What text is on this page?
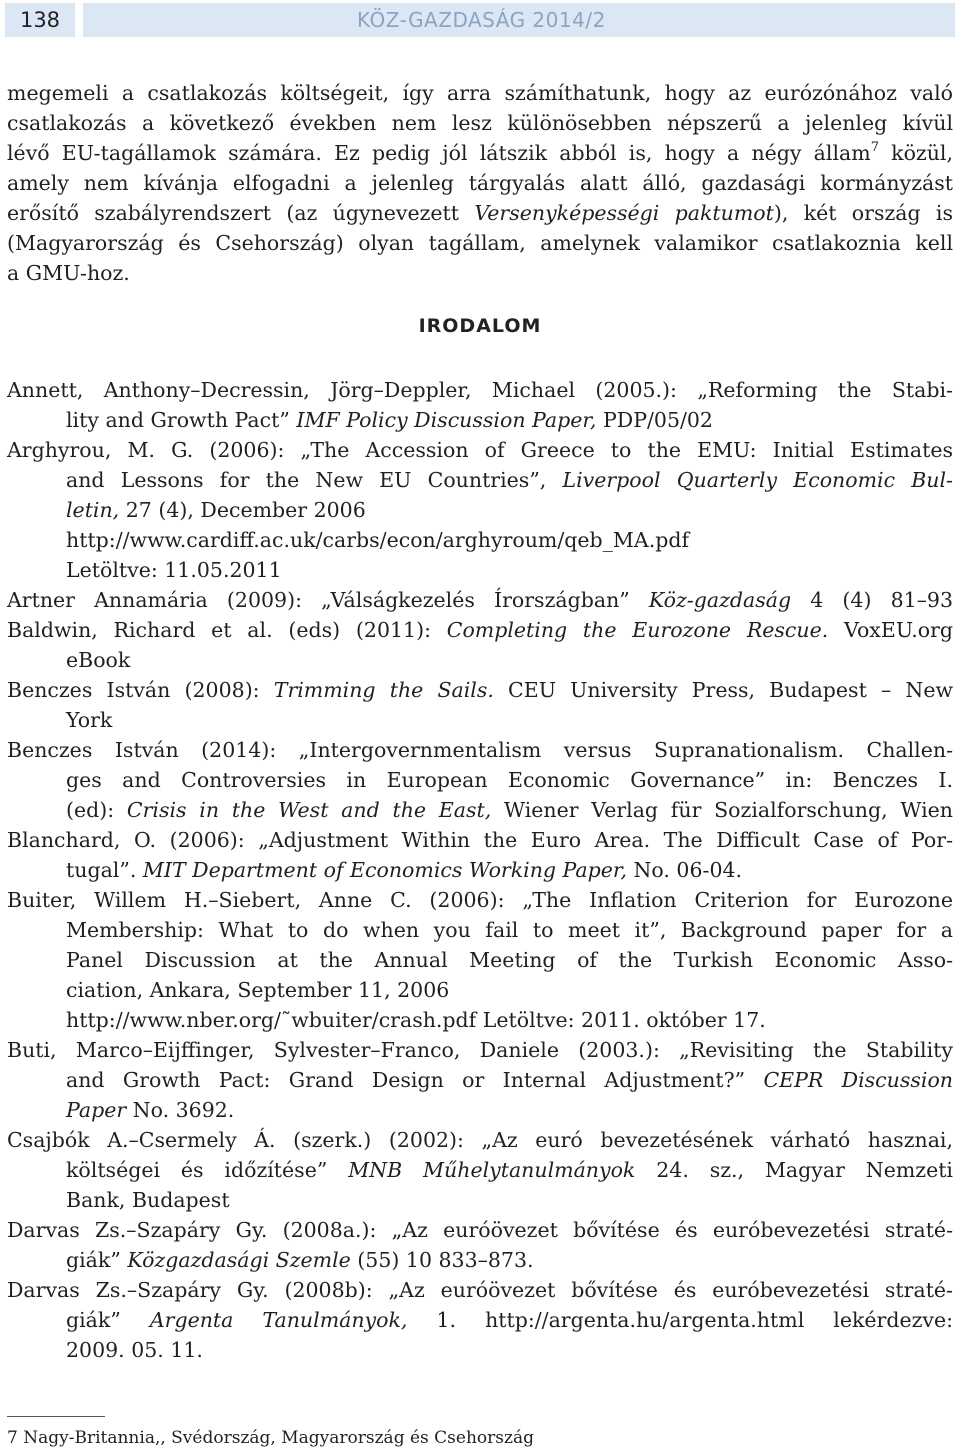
138	KÖZ-GAZDASÁG 2014/2
megemeli a csatlakozás költségeit, így arra számíthatunk, hogy az eurózónához való
csatlakozás a következő években nem lesz különösebben népszerű a jelenleg kívül
lévő EU-tagállamok számára. Ez pedig jól látszik abból is, hogy a négy állam$^7$ közül,
amely nem kívánja elfogadni a jelenleg tárgyalás alatt álló, gazdasági kormányzást
erősítő szabályrendszert (az úgynevezett Versenyképességi paktumot), két ország is
(Magyarország és Csehország) olyan tagállam, amelynek valamikor csatlakoznia kell
a GMU-hoz.
IRODALOM
Annett, Anthony–Decressin, Jörg–Deppler, Michael (2005.): „Reforming the Stabi-
lity and Growth Pact” IMF Policy Discussion Paper, PDP/05/02
Arghyrou, M. G. (2006): „The Accession of Greece to the EMU: Initial Estimates
and Lessons for the New EU Countries”, Liverpool Quarterly Economic Bul-
letin, 27 (4), December 2006
http://www.cardiff.ac.uk/carbs/econ/arghyroum/qeb_MA.pdf
Letöltve: 11.05.2011
Artner Annamária (2009): „Válságkezelés Írországban” Köz-gazdaság 4 (4) 81–93
Baldwin, Richard et al. (eds) (2011): Completing the Eurozone Rescue. VoxEU.org
eBook
Benczes István (2008): Trimming the Sails. CEU University Press, Budapest – New
York
Benczes István (2014): „Intergovernmentalism versus Supranationalism. Challen-
ges and Controversies in European Economic Governance” in: Benczes I.
(ed): Crisis in the West and the East, Wiener Verlag für Sozialforschung, Wien
Blanchard, O. (2006): „Adjustment Within the Euro Area. The Difficult Case of Por-
tugal”. MIT Department of Economics Working Paper, No. 06-04.
Buiter, Willem H.–Siebert, Anne C. (2006): „The Inflation Criterion for Eurozone
Membership: What to do when you fail to meet it”, Background paper for a
Panel Discussion at the Annual Meeting of the Turkish Economic Asso-
ciation, Ankara, September 11, 2006
http://www.nber.org/˜wbuiter/crash.pdf Letöltve: 2011. október 17.
Buti, Marco–Eijffinger, Sylvester–Franco, Daniele (2003.): „Revisiting the Stability
and Growth Pact: Grand Design or Internal Adjustment?” CEPR Discussion
Paper No. 3692.
Csajbók A.–Csermely Á. (szerk.) (2002): „Az euró bevezetésének várható hasznai,
költségei és időzítése” MNB Műhelytanulmányok 24. sz., Magyar Nemzeti
Bank, Budapest
Darvas Zs.–Szapáry Gy. (2008a.): „Az euróövezet bővítése és euróbevezetési straté-
giák” Közgazdasági Szemle (55) 10 833–873.
Darvas Zs.–Szapáry Gy. (2008b): „Az euróövezet bővítése és euróbevezetési straté-
giák” Argenta Tanulmányok, 1. http://argenta.hu/argenta.html lekérdezve:
2009. 05. 11.
7 Nagy-Britannia,, Svédország, Magyarország és Csehország
